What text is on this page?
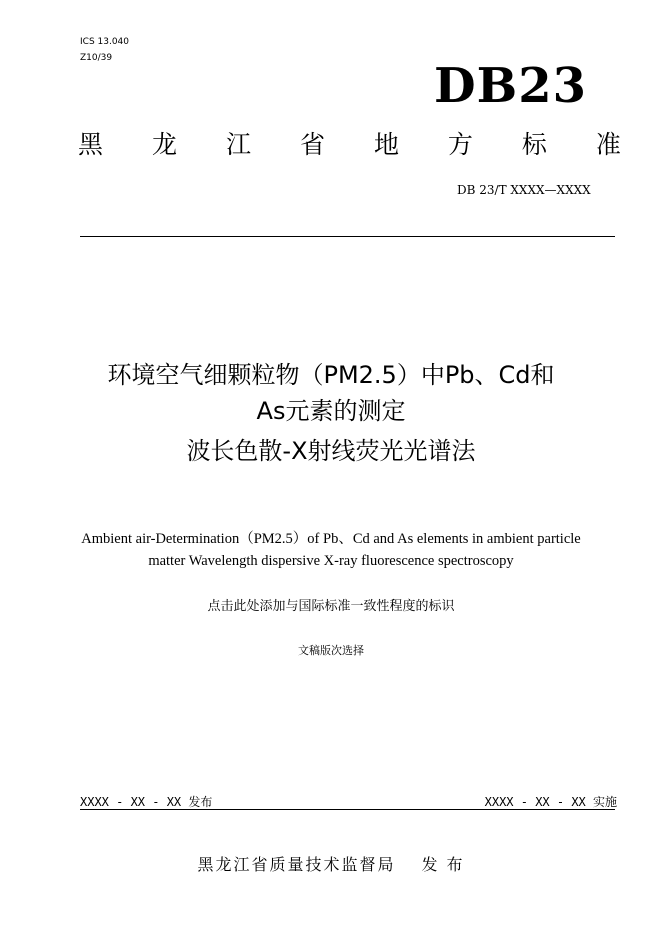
ICS 13.040
Z10/39	DB23
黑 龙 江 省 地 方 标 准
DB 23/T XXXX—XXXX
环境空气细颗粒物（PM2.5）中Pb、Cd和
As元素的测定
波长色散-X射线荧光光谱法
Ambient air-Determination（PM2.5）of Pb、Cd and As elements in ambient particle
matter Wavelength dispersive X-ray fluorescence spectroscopy
点击此处添加与国际标准一致性程度的标识
文稿版次选择
XXXX - XX - XX 发布	XXXX - XX - XX 实施
黑龙江省质量技术监督局 发 布
